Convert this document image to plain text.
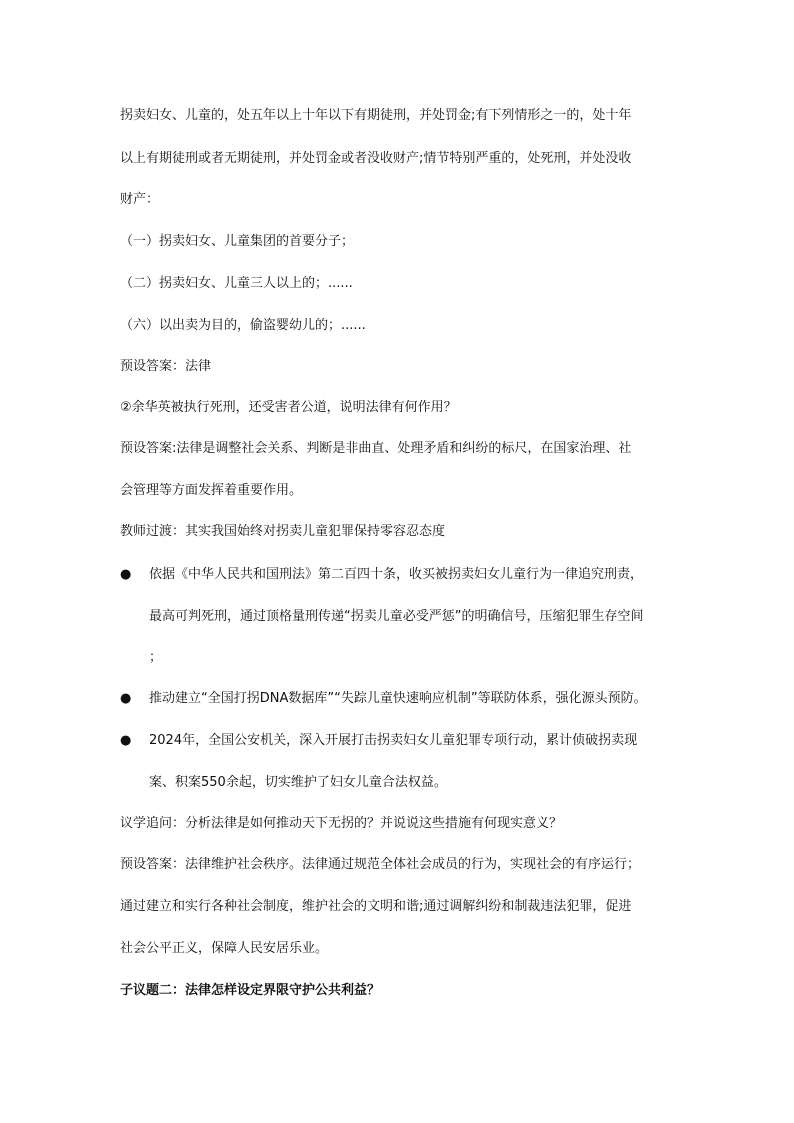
拐卖妇女、儿童的，处五年以上十年以下有期徒刑，并处罚金;有下列情形之一的，处十年
以上有期徒刑或者无期徒刑，并处罚金或者没收财产;情节特别严重的，处死刑，并处没收
财产：
（一）拐卖妇女、儿童集团的首要分子；
（二）拐卖妇女、儿童三人以上的；......
（六）以出卖为目的，偷盗婴幼儿的；......
预设答案：法律
②余华英被执行死刑，还受害者公道，说明法律有何作用？
预设答案:法律是调整社会关系、判断是非曲直、处理矛盾和纠纷的标尺，在国家治理、社
会管理等方面发挥着重要作用。
教师过渡：其实我国始终对拐卖儿童犯罪保持零容忍态度
● 依据《中华人民共和国刑法》第二百四十条，收买被拐卖妇女儿童行为一律追究刑责，
最高可判死刑，通过顶格量刑传递“拐卖儿童必受严惩”的明确信号，压缩犯罪生存空间
；
● 推动建立“全国打拐DNA数据库”“失踪儿童快速响应机制”等联防体系，强化源头预防。
● 2024年，全国公安机关，深入开展打击拐卖妇女儿童犯罪专项行动，累计侦破拐卖现
案、积案550余起，切实维护了妇女儿童合法权益。
议学追问：分析法律是如何推动天下无拐的？并说说这些措施有何现实意义？
预设答案：法律维护社会秩序。法律通过规范全体社会成员的行为，实现社会的有序运行；
通过建立和实行各种社会制度，维护社会的文明和谐;通过调解纠纷和制裁违法犯罪，促进
社会公平正义，保障人民安居乐业。
子议题二：法律怎样设定界限守护公共利益？
